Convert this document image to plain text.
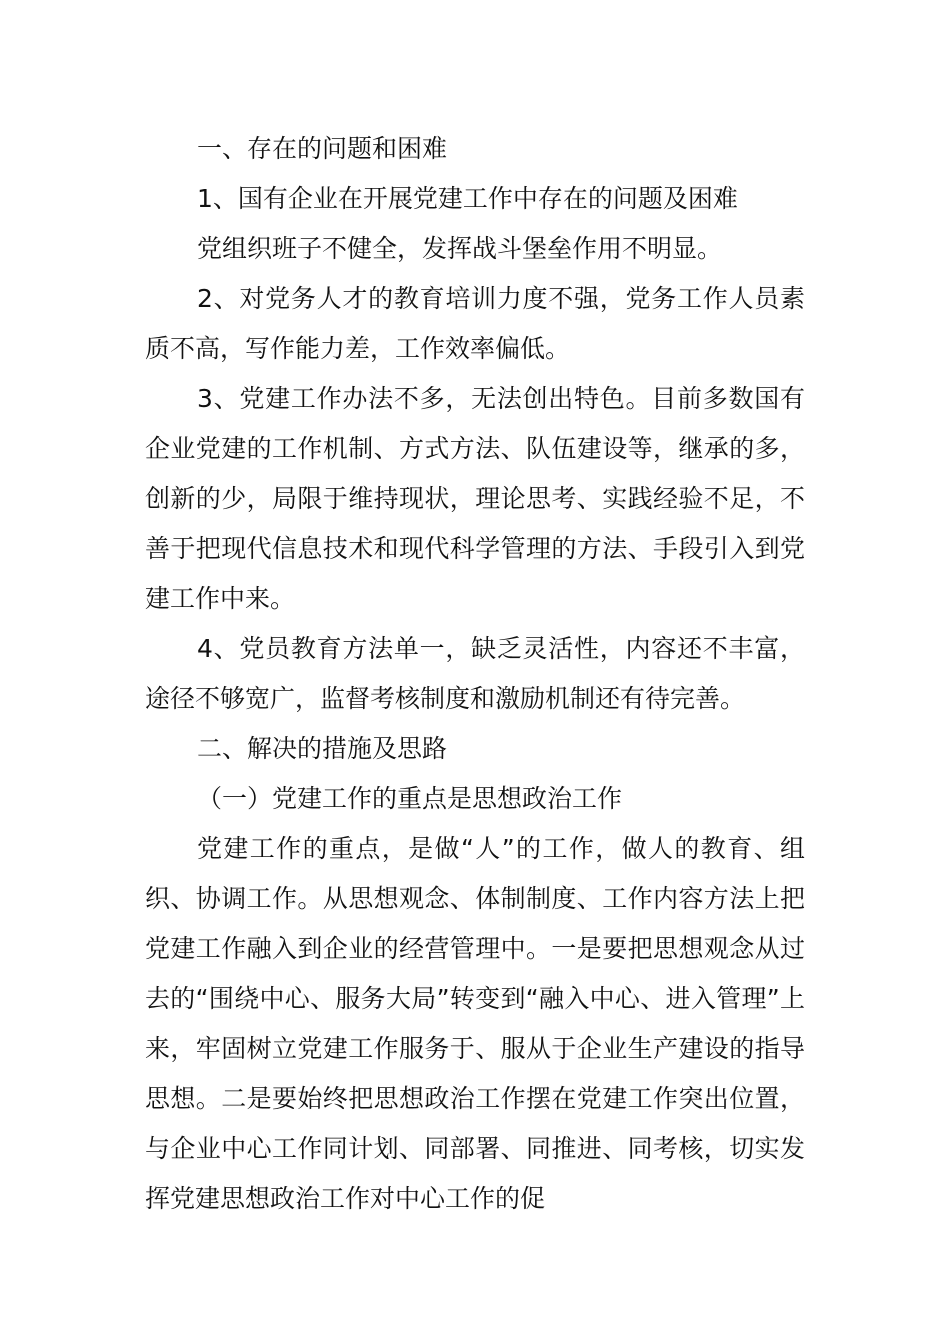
一、存在的问题和困难

1、国有企业在开展党建工作中存在的问题及困难

党组织班子不健全，发挥战斗堡垒作用不明显。

2、对党务人才的教育培训力度不强，党务工作人员素质不高，写作能力差，工作效率偏低。

3、党建工作办法不多，无法创出特色。目前多数国有企业党建的工作机制、方式方法、队伍建设等，继承的多，创新的少，局限于维持现状，理论思考、实践经验不足，不善于把现代信息技术和现代科学管理的方法、手段引入到党建工作中来。

4、党员教育方法单一，缺乏灵活性，内容还不丰富，途径不够宽广，监督考核制度和激励机制还有待完善。

二、解决的措施及思路

（一）党建工作的重点是思想政治工作

党建工作的重点，是做“人”的工作，做人的教育、组织、协调工作。从思想观念、体制制度、工作内容方法上把党建工作融入到企业的经营管理中。一是要把思想观念从过去的“围绕中心、服务大局”转变到“融入中心、进入管理”上来，牢固树立党建工作服务于、服从于企业生产建设的指导思想。二是要始终把思想政治工作摆在党建工作突出位置，与企业中心工作同计划、同部署、同推进、同考核，切实发挥党建思想政治工作对中心工作的促
